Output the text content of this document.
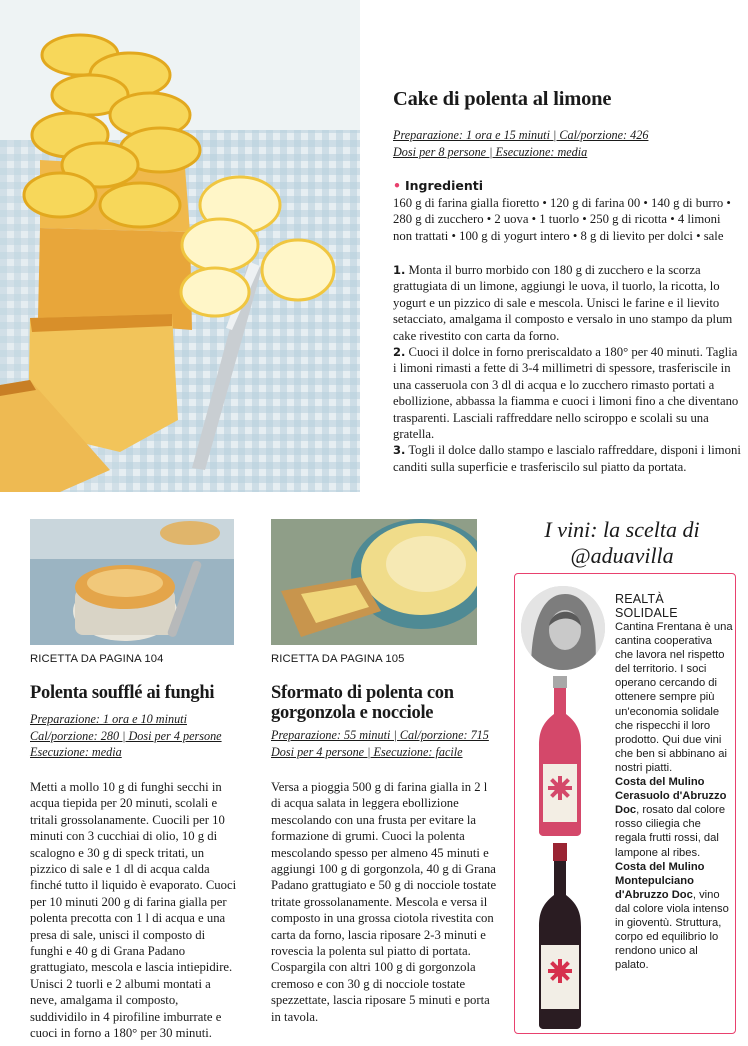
Cake di polenta al limone
Preparazione: 1 ora e 15 minuti | Cal/porzione: 426
Dosi per 8 persone | Esecuzione: media
• Ingredienti
160 g di farina gialla fioretto • 120 g di farina 00 • 140 g di burro •
280 g di zucchero • 2 uova • 1 tuorlo • 250 g di ricotta • 4 limoni
non trattati • 100 g di yogurt intero • 8 g di lievito per dolci • sale

1. Monta il burro morbido con 180 g di zucchero e la scorza grattugiata di un limone, aggiungi le uova, il tuorlo, la ricotta, lo yogurt e un pizzico di sale e mescola. Unisci le farine e il lievito setacciato, amalgama il composto e versalo in uno stampo da plum cake rivestito con carta da forno.

2. Cuoci il dolce in forno preriscaldato a 180° per 40 minuti. Taglia i limoni rimasti a fette di 3-4 millimetri di spessore, trasferiscile in una casseruola con 3 dl di acqua e lo zucchero rimasto portati a ebollizione, abbassa la fiamma e cuoci i limoni fino a che diventano trasparenti. Lasciali raffreddare nello sciroppo e scolali su una gratella.

3. Togli il dolce dallo stampo e lascialo raffreddare, disponi i limoni canditi sulla superficie e trasferiscilo sul piatto da portata.

RICETTA DA PAGINA 104
Polenta soufflé ai funghi
Preparazione: 1 ora e 10 minuti
Cal/porzione: 280 | Dosi per 4 persone
Esecuzione: media
Metti a mollo 10 g di funghi secchi in acqua tiepida per 20 minuti, scolali e tritali grossolanamente. Cuocili per 10 minuti con 3 cucchiai di olio, 10 g di scalogno e 30 g di speck tritati, un pizzico di sale e 1 dl di acqua calda finché tutto il liquido è evaporato. Cuoci per 10 minuti 200 g di farina gialla per polenta precotta con 1 l di acqua e una presa di sale, unisci il composto di funghi e 40 g di Grana Padano grattugiato, mescola e lascia intiepidire. Unisci 2 tuorli e 2 albumi montati a neve, amalgama il composto, suddividilo in 4 pirofiline imburrate e cuoci in forno a 180° per 30 minuti.
RICETTA DA PAGINA 105
Sformato di polenta con
gorgonzola e nocciole
Preparazione: 55 minuti | Cal/porzione: 715
Dosi per 4 persone | Esecuzione: facile
Versa a pioggia 500 g di farina gialla in 2 l di acqua salata in leggera ebollizione mescolando con una frusta per evitare la formazione di grumi. Cuoci la polenta mescolando spesso per almeno 45 minuti e aggiungi 100 g di gorgonzola, 40 g di Grana Padano grattugiato e 50 g di nocciole tostate tritate grossolanamente. Mescola e versa il composto in una grossa ciotola rivestita con carta da forno, lascia riposare 2-3 minuti e rovescia la polenta sul piatto di portata. Cospargila con altri 100 g di gorgonzola cremoso e con 30 g di nocciole tostate spezzettate, lascia riposare 5 minuti e porta in tavola.
I vini: la scelta di
@aduavilla
REALTÀ
SOLIDALE
Cantina Frentana è una cantina cooperativa che lavora nel rispetto del territorio. I soci operano cercando di ottenere sempre più un'economia solidale che rispecchi il loro prodotto. Qui due vini che ben si abbinano ai nostri piatti.
Costa del Mulino Cerasuolo d'Abruzzo Doc, rosato dal colore rosso ciliegia che regala frutti rossi, dal lampone al ribes.
Costa del Mulino Montepulciano d'Abruzzo Doc, vino dal colore viola intenso in gioventù. Struttura, corpo ed equilibrio lo rendono unico al palato.
